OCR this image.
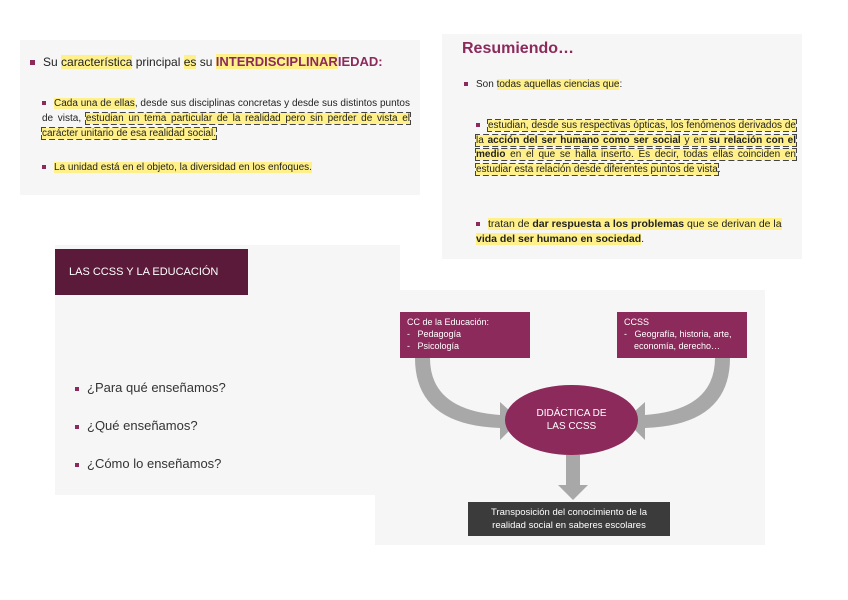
Su característica principal es su INTERDISCIPLINARIEDAD:
Cada una de ellas, desde sus disciplinas concretas y desde sus distintos puntos de vista, estudian un tema particular de la realidad pero sin perder de vista el carácter unitario de esa realidad social.
La unidad está en el objeto, la diversidad en los enfoques.
Resumiendo…
Son todas aquellas ciencias que:
estudian, desde sus respectivas ópticas, los fenómenos derivados de la acción del ser humano como ser social y en su relación con el medio en el que se halla inserto. Es decir, todas ellas coinciden en estudiar esta relación desde diferentes puntos de vista.
tratan de dar respuesta a los problemas que se derivan de la vida del ser humano en sociedad.
LAS CCSS Y LA EDUCACIÓN
¿Para qué enseñamos?
¿Qué enseñamos?
¿Cómo lo enseñamos?
CC de la Educación:
-   Pedagogía
-   Psicología
CCSS
-   Geografía, historia, arte, economía, derecho…
DIDÁCTICA DE
LAS CCSS
Transposición del conocimiento de la
realidad social en saberes escolares
